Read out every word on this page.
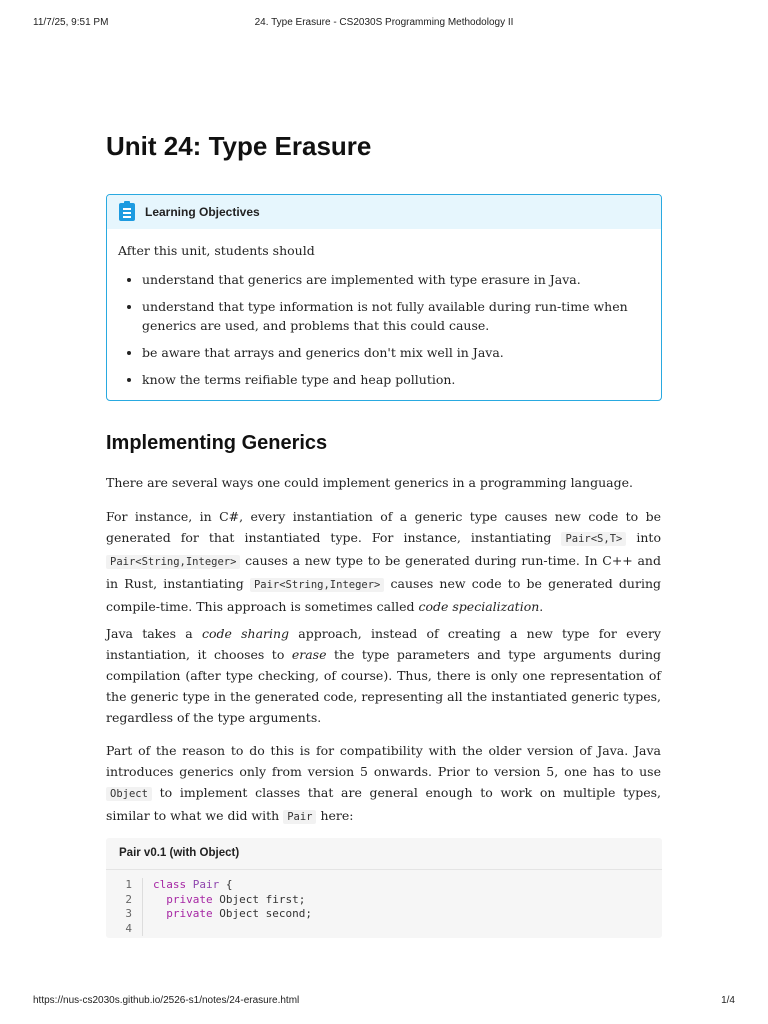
11/7/25, 9:51 PM	24. Type Erasure - CS2030S Programming Methodology II
Unit 24: Type Erasure
Learning Objectives

After this unit, students should

• understand that generics are implemented with type erasure in Java.
• understand that type information is not fully available during run-time when generics are used, and problems that this could cause.
• be aware that arrays and generics don't mix well in Java.
• know the terms reifiable type and heap pollution.
Implementing Generics

There are several ways one could implement generics in a programming language.

For instance, in C#, every instantiation of a generic type causes new code to be generated for that instantiated type. For instance, instantiating Pair<S,T> into Pair<String,Integer> causes a new type to be generated during run-time. In C++ and in Rust, instantiating Pair<String,Integer> causes new code to be generated during compile-time. This approach is sometimes called code specialization.

Java takes a code sharing approach, instead of creating a new type for every instantiation, it chooses to erase the type parameters and type arguments during compilation (after type checking, of course). Thus, there is only one representation of the generic type in the generated code, representing all the instantiated generic types, regardless of the type arguments.

Part of the reason to do this is for compatibility with the older version of Java. Java introduces generics only from version 5 onwards. Prior to version 5, one has to use Object to implement classes that are general enough to work on multiple types, similar to what we did with Pair here:

Pair v0.1 (with Object)
1	class
Pair {
2
	private Object first;
3
	private Object second;
4
https://nus-cs2030s.github.io/2526-s1/notes/24-erasure.html	1/4
